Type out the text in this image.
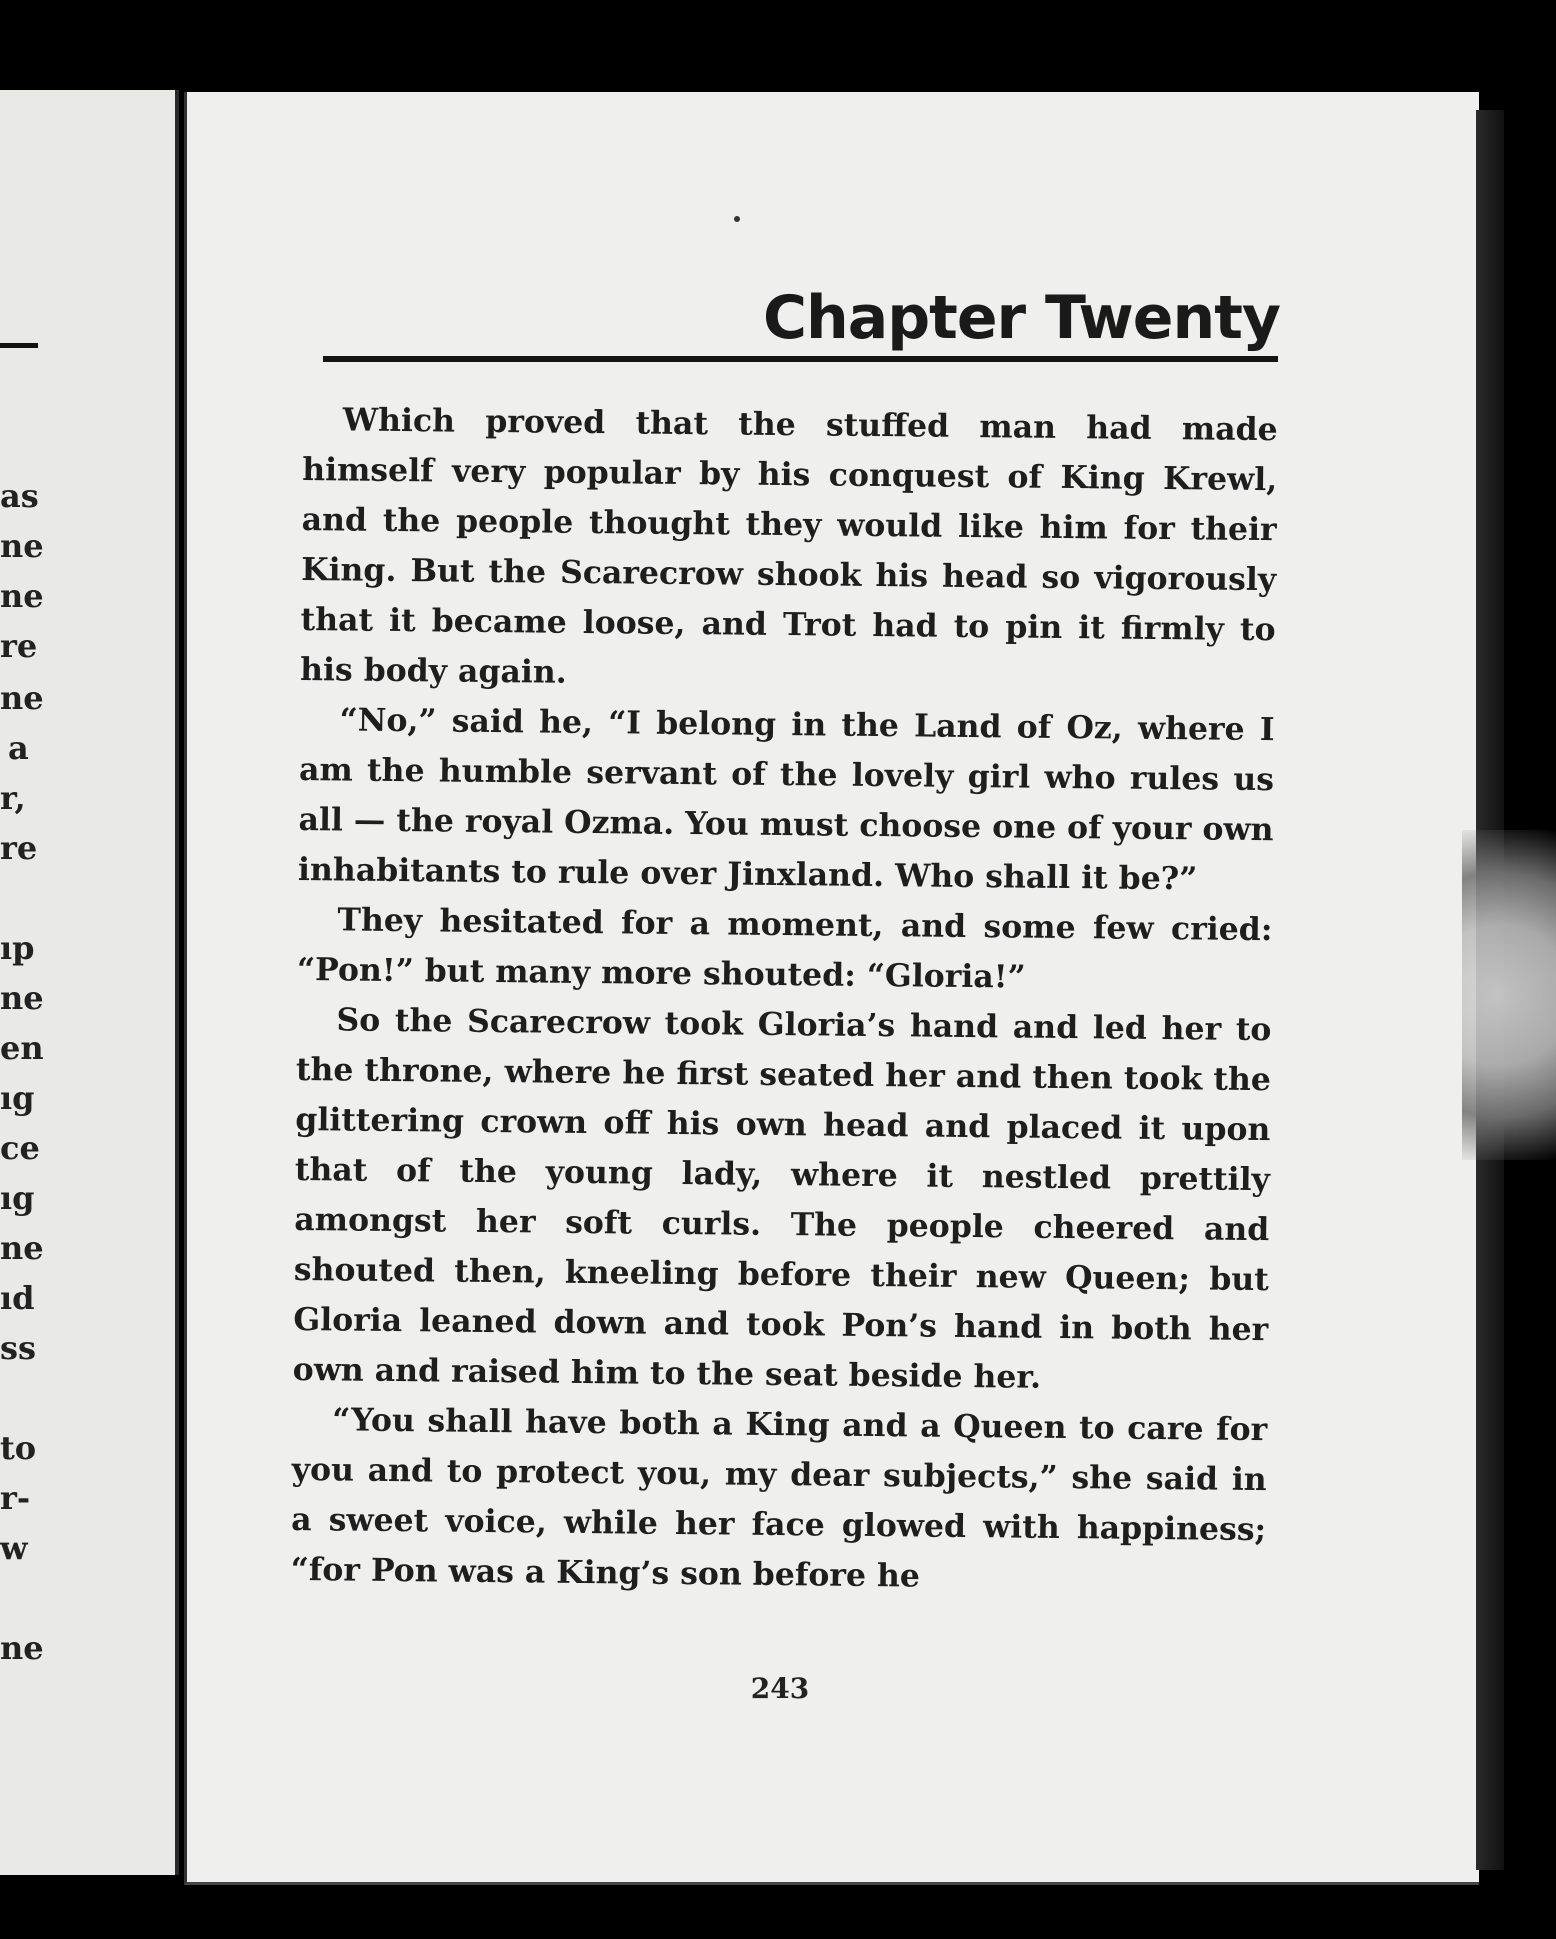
as
ne
ne
re
ne
a
r,
re
ıp
ne
en
ıg
ce
ıg
ne
ıd
ss
to
r-
w
ne
Chapter Twenty

Which proved that the stuffed man had made himself very popular by his conquest of King Krewl, and the people thought they would like him for their King. But the Scarecrow shook his head so vigorously that it became loose, and Trot had to pin it firmly to his body again.

“No,” said he, “I belong in the Land of Oz, where I am the humble servant of the lovely girl who rules us all — the royal Ozma. You must choose one of your own inhabitants to rule over Jinxland. Who shall it be?”

They hesitated for a moment, and some few cried: “Pon!” but many more shouted: “Gloria!”

So the Scarecrow took Gloria’s hand and led her to the throne, where he first seated her and then took the glittering crown off his own head and placed it upon that of the young lady, where it nestled prettily amongst her soft curls. The people cheered and shouted then, kneeling before their new Queen; but Gloria leaned down and took Pon’s hand in both her own and raised him to the seat beside her.

“You shall have both a King and a Queen to care for you and to protect you, my dear subjects,” she said in a sweet voice, while her face glowed with happiness; “for Pon was a King’s son before he

243
